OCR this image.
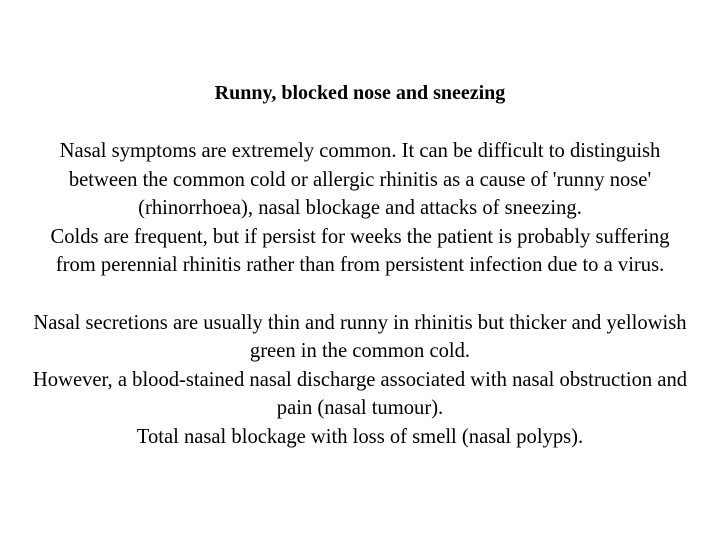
Runny, blocked nose and sneezing

Nasal symptoms are extremely common. It can be difficult to distinguish between the common cold or allergic rhinitis as a cause of 'runny nose' (rhinorrhoea), nasal blockage and attacks of sneezing.

Colds are frequent, but if persist for weeks the patient is probably suffering from perennial rhinitis rather than from persistent infection due to a virus.

Nasal secretions are usually thin and runny in rhinitis but thicker and yellowish green in the common cold.

However, a blood-stained nasal discharge associated with nasal obstruction and pain (nasal tumour).

Total nasal blockage with loss of smell (nasal polyps).
